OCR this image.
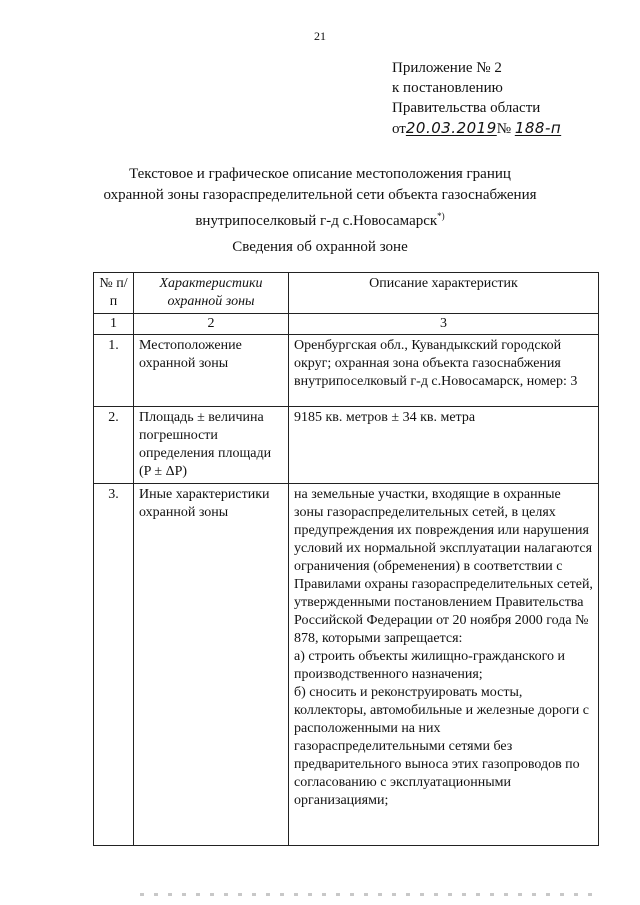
21
Приложение № 2
к постановлению
Правительства области
от20.03.2019№ 188-п
Текстовое и графическое описание местоположения границ
охранной зоны газораспределительной сети объекта газоснабжения
внутрипоселковый г-д с.Новосамарск*)
Сведения об охранной зоне
№ п/п	Характеристики охранной зоны	Описание характеристик
1	2	3
1.	Местоположение охранной зоны	Оренбургская обл., Кувандыкский городской округ; охранная зона объекта газоснабжения внутрипоселковый г-д с.Новосамарск, номер: 3
2.	Площадь ± величина погрешности определения площади (P ± ΔP)	9185 кв. метров ± 34 кв. метра
3.	Иные характеристики охранной зоны	на земельные участки, входящие в охранные зоны газораспределительных сетей, в целях предупреждения их повреждения или нарушения условий их нормальной эксплуатации налагаются ограничения (обременения) в соответствии с Правилами охраны газораспределительных сетей, утвержденными постановлением Правительства Российской Федерации от 20 ноября 2000 года № 878, которыми запрещается:
а) строить объекты жилищно-гражданского и производственного назначения;
б) сносить и реконструировать мосты, коллекторы, автомобильные и железные дороги с расположенными на них газораспределительными сетями без предварительного выноса этих газопроводов по согласованию с эксплуатационными организациями;
